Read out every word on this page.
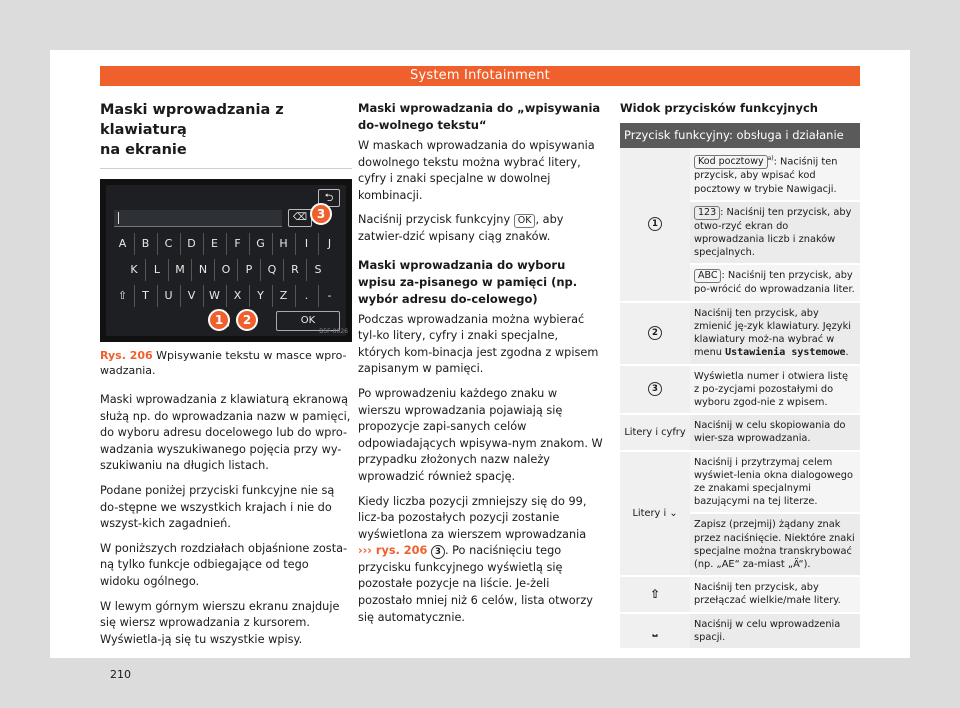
System Infotainment
Maski wprowadzania z klawiaturą
na ekranie
⮌
⌫
A	B	C	D	E	F	G	H	I	J
K	L	M	N	O	P	Q	R	S
⇧	T	U	V	W	X	Y	Z	.	-
OK
1	2
3
B5F-0026
Rys. 206 Wpisywanie tekstu w masce wpro-wadzania.

Maski wprowadzania z klawiaturą ekranową służą np. do wprowadzania nazw w pamięci, do wyboru adresu docelowego lub do wpro-wadzania wyszukiwanego pojęcia przy wy-szukiwaniu na długich listach.

Podane poniżej przyciski funkcyjne nie są do-stępne we wszystkich krajach i nie do wszyst-kich zagadnień.

W poniższych rozdziałach objaśnione zosta-ną tylko funkcje odbiegające od tego widoku ogólnego.

W lewym górnym wierszu ekranu znajduje się wiersz wprowadzania z kursorem. Wyświetla-ją się tu wszystkie wpisy.

Maski wprowadzania do „wpisywania do-wolnego tekstu“

W maskach wprowadzania do wpisywania dowolnego tekstu można wybrać litery, cyfry i znaki specjalne w dowolnej kombinacji.

Naciśnij przycisk funkcyjny OK , aby zatwier-dzić wpisany ciąg znaków.

Maski wprowadzania do wyboru wpisu za-pisanego w pamięci (np. wybór adresu do-celowego)

Podczas wprowadzania można wybierać tyl-ko litery, cyfry i znaki specjalne, których kom-binacja jest zgodna z wpisem zapisanym w pamięci.

Po wprowadzeniu każdego znaku w wierszu wprowadzania pojawiają się propozycje zapi-sanych celów odpowiadających wpisywa-nym znakom. W przypadku złożonych nazw należy wprowadzić również spację.

Kiedy liczba pozycji zmniejszy się do 99, licz-ba pozostałych pozycji zostanie wyświetlona za wierszem wprowadzania ››› rys. 206 3 . Po naciśnięciu tego przycisku funkcyjnego wyświetlą się pozostałe pozycje na liście. Je-żeli pozostało mniej niż 6 celów, lista otworzy się automatycznie.

Widok przycisków funkcyjnych
Przycisk funkcyjny: obsługa i działanie	
1	Kod pocztowy $^{a)}$: Naciśnij ten przycisk, aby wpisać kod pocztowy w trybie Nawigacji.
	123 : Naciśnij ten przycisk, aby otwo-rzyć ekran do wprowadzania liczb i znaków specjalnych.
	ABC : Naciśnij ten przycisk, aby po-wrócić do wprowadzania liter.
2	Naciśnij ten przycisk, aby zmienić ję-zyk klawiatury. Języki klawiatury moż-na wybrać w menu Ustawienia systemowe.
3	Wyświetla numer i otwiera listę z po-zycjami pozostałymi do wyboru zgod-nie z wpisem.
Litery i cyfry	Naciśnij w celu skopiowania do wier-sza wprowadzania.
Litery i ⌄	Naciśnij i przytrzymaj celem wyświet-lenia okna dialogowego ze znakami specjalnymi bazującymi na tej literze.
	Zapisz (przejmij) żądany znak przez naciśnięcie. Niektóre znaki specjalne można transkrybować (np. „AE“ za-miast „Ä“).
⇧	Naciśnij ten przycisk, aby przełączać wielkie/małe litery.
⎵	Naciśnij w celu wprowadzenia spacji.
210
